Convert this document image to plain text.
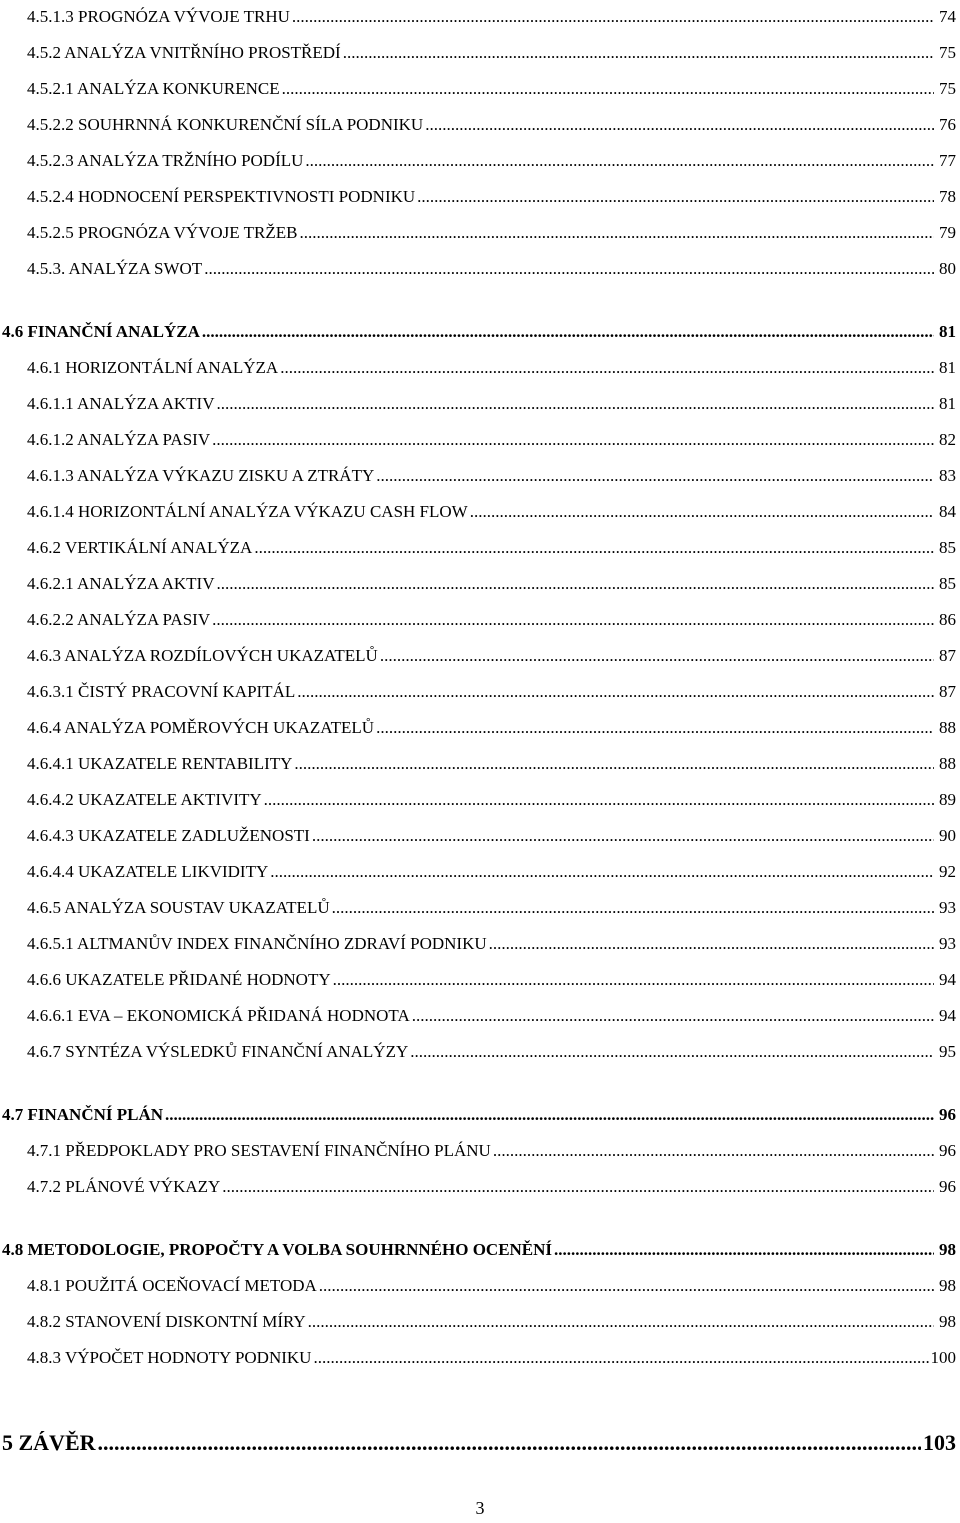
4.5.1.3 PROGNÓZA VÝVOJE TRHU .....	74
4.5.2 ANALÝZA VNITŘNÍHO PROSTŘEDÍ .....	75
4.5.2.1 ANALÝZA KONKURENCE .....	75
4.5.2.2 SOUHRNNÁ KONKURENČNÍ SÍLA PODNIKU .....	76
4.5.2.3 ANALÝZA TRŽNÍHO PODÍLU .....	77
4.5.2.4 HODNOCENÍ PERSPEKTIVNOSTI PODNIKU .....	78
4.5.2.5 PROGNÓZA VÝVOJE TRŽEB .....	79
4.5.3. ANALÝZA SWOT .....	80
4.6 FINANČNÍ ANALÝZA .....	81
4.6.1 HORIZONTÁLNÍ ANALÝZA .....	81
4.6.1.1 ANALÝZA AKTIV .....	81
4.6.1.2 ANALÝZA PASIV .....	82
4.6.1.3 ANALÝZA VÝKAZU ZISKU A ZTRÁTY .....	83
4.6.1.4 HORIZONTÁLNÍ ANALÝZA VÝKAZU CASH FLOW .....	84
4.6.2 VERTIKÁLNÍ ANALÝZA .....	85
4.6.2.1 ANALÝZA AKTIV .....	85
4.6.2.2 ANALÝZA PASIV .....	86
4.6.3 ANALÝZA ROZDÍLOVÝCH UKAZATELŮ .....	87
4.6.3.1 ČISTÝ PRACOVNÍ KAPITÁL .....	87
4.6.4 ANALÝZA POMĚROVÝCH UKAZATELŮ .....	88
4.6.4.1 UKAZATELE RENTABILITY .....	88
4.6.4.2 UKAZATELE AKTIVITY .....	89
4.6.4.3 UKAZATELE ZADLUŽENOSTI .....	90
4.6.4.4 UKAZATELE LIKVIDITY .....	92
4.6.5 ANALÝZA SOUSTAV UKAZATELŮ .....	93
4.6.5.1 ALTMANŮV INDEX FINANČNÍHO ZDRAVÍ PODNIKU .....	93
4.6.6 UKAZATELE PŘIDANÉ HODNOTY .....	94
4.6.6.1 EVA – EKONOMICKÁ PŘIDANÁ HODNOTA .....	94
4.6.7 SYNTÉZA VÝSLEDKŮ FINANČNÍ ANALÝZY .....	95
4.7 FINANČNÍ PLÁN .....	96
4.7.1 PŘEDPOKLADY PRO SESTAVENÍ FINANČNÍHO PLÁNU .....	96
4.7.2 PLÁNOVÉ VÝKAZY .....	96
4.8 METODOLOGIE, PROPOČTY A VOLBA SOUHRNNÉHO OCENĚNÍ .....	98
4.8.1 POUŽITÁ OCEŇOVACÍ METODA .....	98
4.8.2 STANOVENÍ DISKONTNÍ MÍRY .....	98
4.8.3 VÝPOČET HODNOTY PODNIKU .....	100
5 ZÁVĚR .....	103
3
